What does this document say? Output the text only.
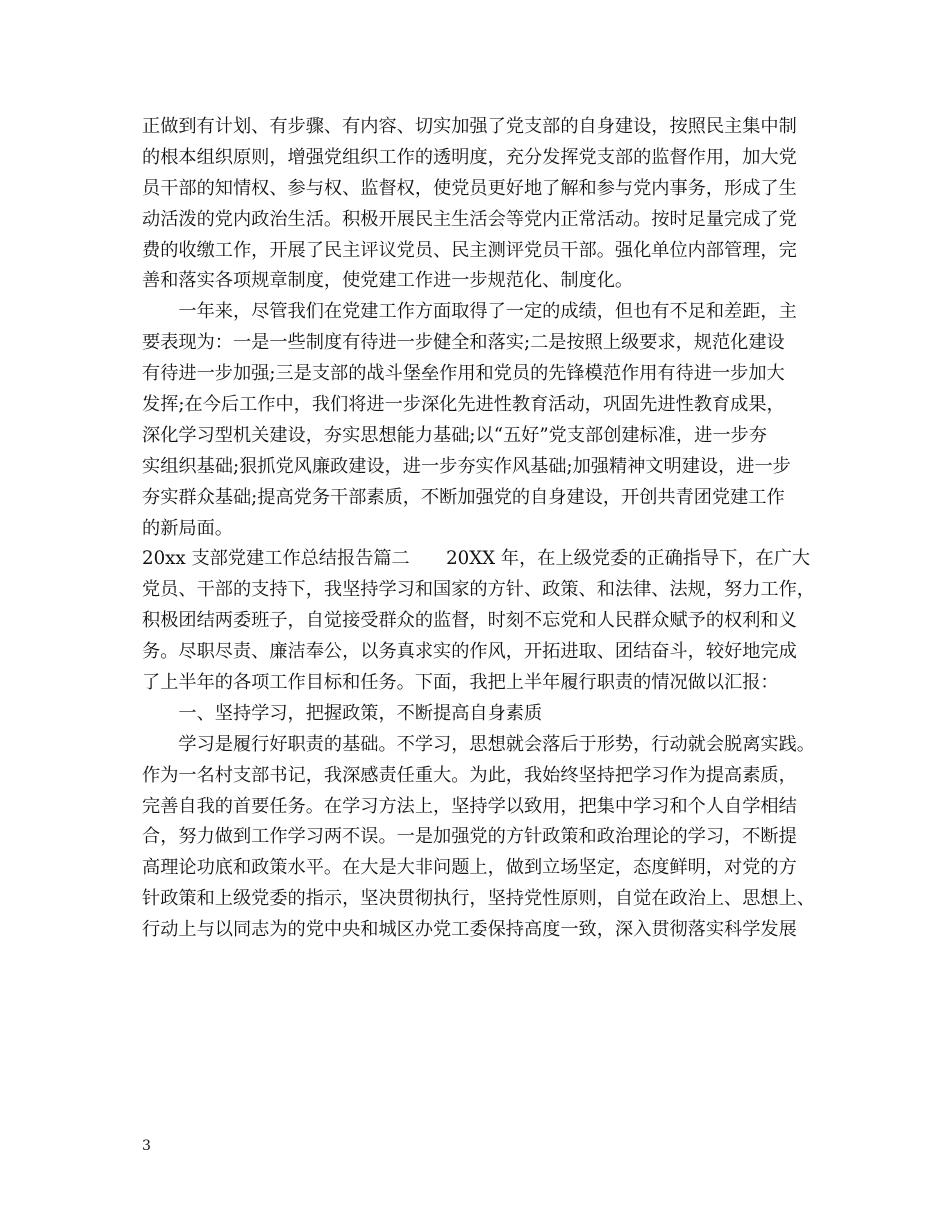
正做到有计划、有步骤、有内容、切实加强了党支部的自身建设，按照民主集中制
的根本组织原则，增强党组织工作的透明度，充分发挥党支部的监督作用，加大党
员干部的知情权、参与权、监督权，使党员更好地了解和参与党内事务，形成了生
动活泼的党内政治生活。积极开展民主生活会等党内正常活动。按时足量完成了党
费的收缴工作，开展了民主评议党员、民主测评党员干部。强化单位内部管理，完
善和落实各项规章制度，使党建工作进一步规范化、制度化。
　　一年来，尽管我们在党建工作方面取得了一定的成绩，但也有不足和差距，主
要表现为：一是一些制度有待进一步健全和落实;二是按照上级要求，规范化建设
有待进一步加强;三是支部的战斗堡垒作用和党员的先锋模范作用有待进一步加大
发挥;在今后工作中，我们将进一步深化先进性教育活动，巩固先进性教育成果，
深化学习型机关建设，夯实思想能力基础;以“五好”党支部创建标准，进一步夯
实组织基础;狠抓党风廉政建设，进一步夯实作风基础;加强精神文明建设，进一步
夯实群众基础;提高党务干部素质，不断加强党的自身建设，开创共青团党建工作
的新局面。
20xx 支部党建工作总结报告篇二　　20XX 年，在上级党委的正确指导下，在广大
党员、干部的支持下，我坚持学习和国家的方针、政策、和法律、法规，努力工作，
积极团结两委班子，自觉接受群众的监督，时刻不忘党和人民群众赋予的权利和义
务。尽职尽责、廉洁奉公，以务真求实的作风，开拓进取、团结奋斗，较好地完成
了上半年的各项工作目标和任务。下面，我把上半年履行职责的情况做以汇报：
　　一、坚持学习，把握政策，不断提高自身素质
　　学习是履行好职责的基础。不学习，思想就会落后于形势，行动就会脱离实践。
作为一名村支部书记，我深感责任重大。为此，我始终坚持把学习作为提高素质，
完善自我的首要任务。在学习方法上，坚持学以致用，把集中学习和个人自学相结
合，努力做到工作学习两不误。一是加强党的方针政策和政治理论的学习，不断提
高理论功底和政策水平。在大是大非问题上，做到立场坚定，态度鲜明，对党的方
针政策和上级党委的指示，坚决贯彻执行，坚持党性原则，自觉在政治上、思想上、
行动上与以同志为的党中央和城区办党工委保持高度一致，深入贯彻落实科学发展
3
